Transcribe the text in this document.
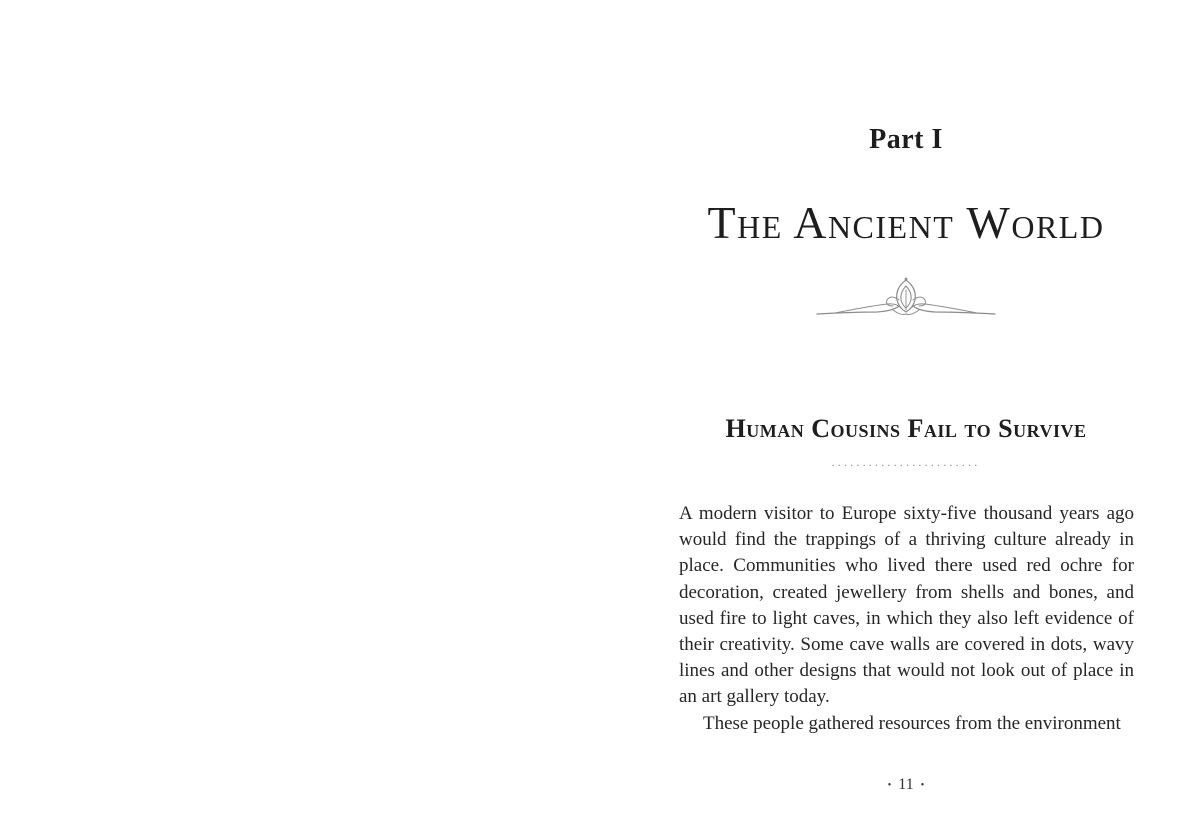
Part I
The Ancient World
Human Cousins Fail to Survive
........................

A modern visitor to Europe sixty-five thousand years ago would find the trappings of a thriving culture already in place. Communities who lived there used red ochre for decoration, created jewellery from shells and bones, and used fire to light caves, in which they also left evidence of their creativity. Some cave walls are covered in dots, wavy lines and other designs that would not look out of place in an art gallery today.

These people gathered resources from the environment

• 11 •
